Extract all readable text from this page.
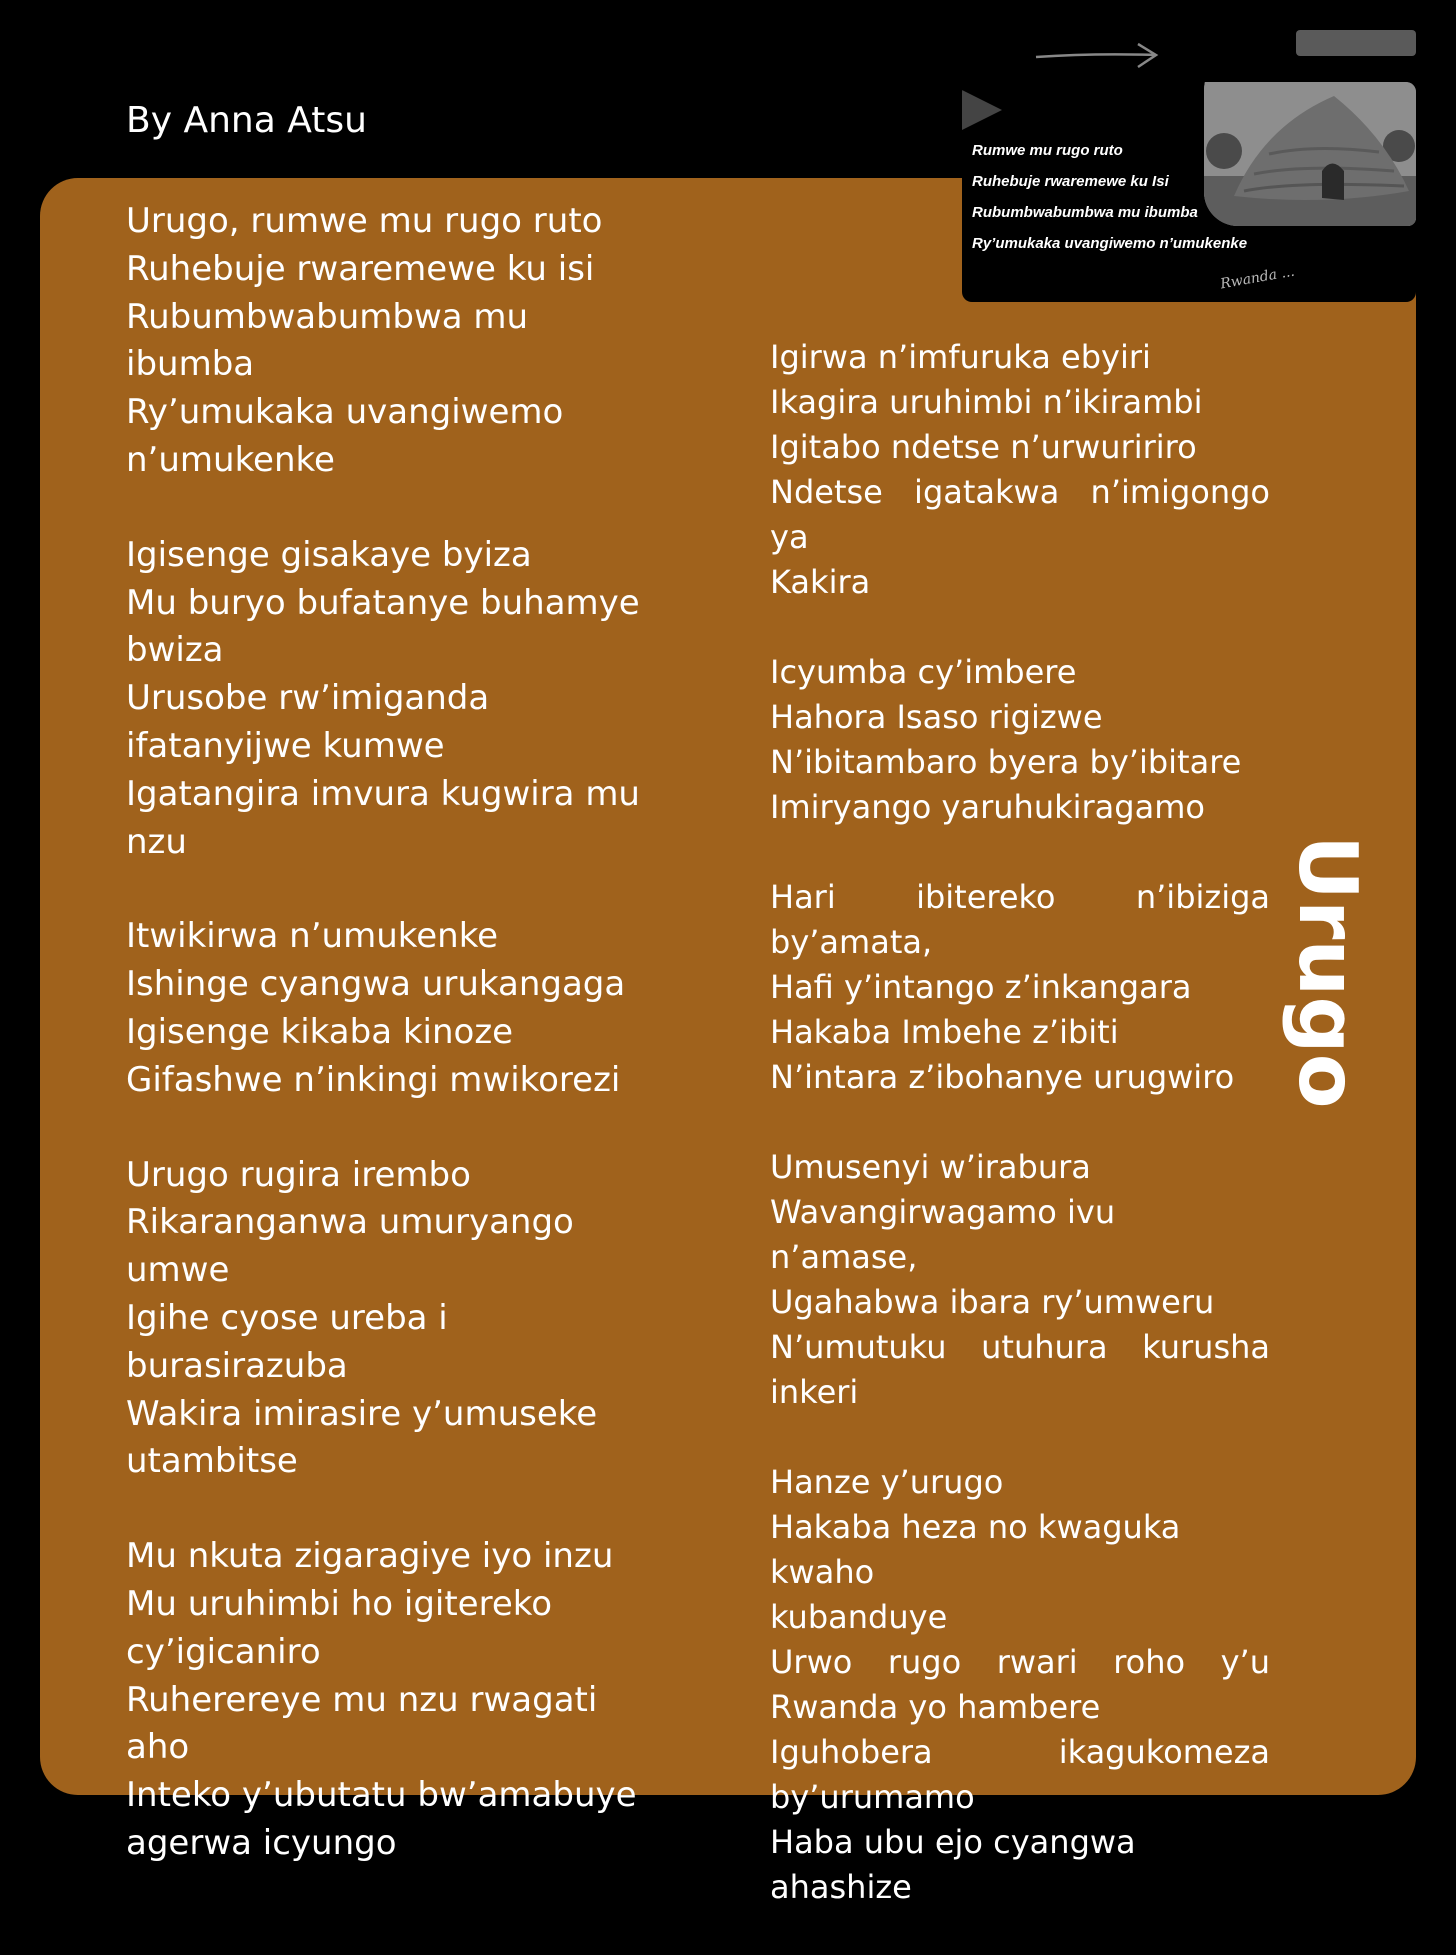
By Anna Atsu
Urugo, rumwe mu rugo ruto
Ruhebuje rwaremewe ku isi
Rubumbwabumbwa mu
ibumba
Ry’umukaka uvangiwemo
n’umukenke
Igisenge gisakaye byiza
Mu buryo bufatanye buhamye
bwiza
Urusobe rw’imiganda
ifatanyijwe kumwe
Igatangira imvura kugwira mu
nzu
Itwikirwa n’umukenke
Ishinge cyangwa urukangaga
Igisenge kikaba kinoze
Gifashwe n’inkingi mwikorezi
Urugo rugira irembo
Rikaranganwa umuryango
umwe
Igihe cyose ureba i burasirazuba
Wakira imirasire y’umuseke
utambitse
Mu nkuta zigaragiye iyo inzu
Mu uruhimbi ho igitereko
cy’igicaniro
Ruherereye mu nzu rwagati aho
Inteko y’ubutatu bw’amabuye
agerwa icyungo
Igirwa n’imfuruka ebyiri
Ikagira uruhimbi n’ikirambi
Igitabo ndetse n’urwuririro
Ndetse igatakwa n’imigongo ya
Kakira
Icyumba cy’imbere
Hahora Isaso rigizwe
N’ibitambaro byera by’ibitare
Imiryango yaruhukiragamo
Hari ibitereko n’ibiziga
by’amata,
Hafi y’intango z’inkangara
Hakaba Imbehe z’ibiti
N’intara z’ibohanye urugwiro
Umusenyi w’irabura
Wavangirwagamo ivu n’amase,
Ugahabwa ibara ry’umweru
N’umutuku utuhura kurusha
inkeri
Hanze y’urugo
Hakaba heza no kwaguka kwaho
kubanduye
Urwo rugo rwari roho y’u
Rwanda yo hambere
Iguhobera ikagukomeza
by’urumamo
Haba ubu ejo cyangwa ahashize
Urugo
Rumwe mu rugo ruto
Ruhebuje rwaremewe ku Isi
Rubumbwabumbwa mu ibumba
Ry’umukaka uvangiwemo n’umukenke
Rwanda ...
